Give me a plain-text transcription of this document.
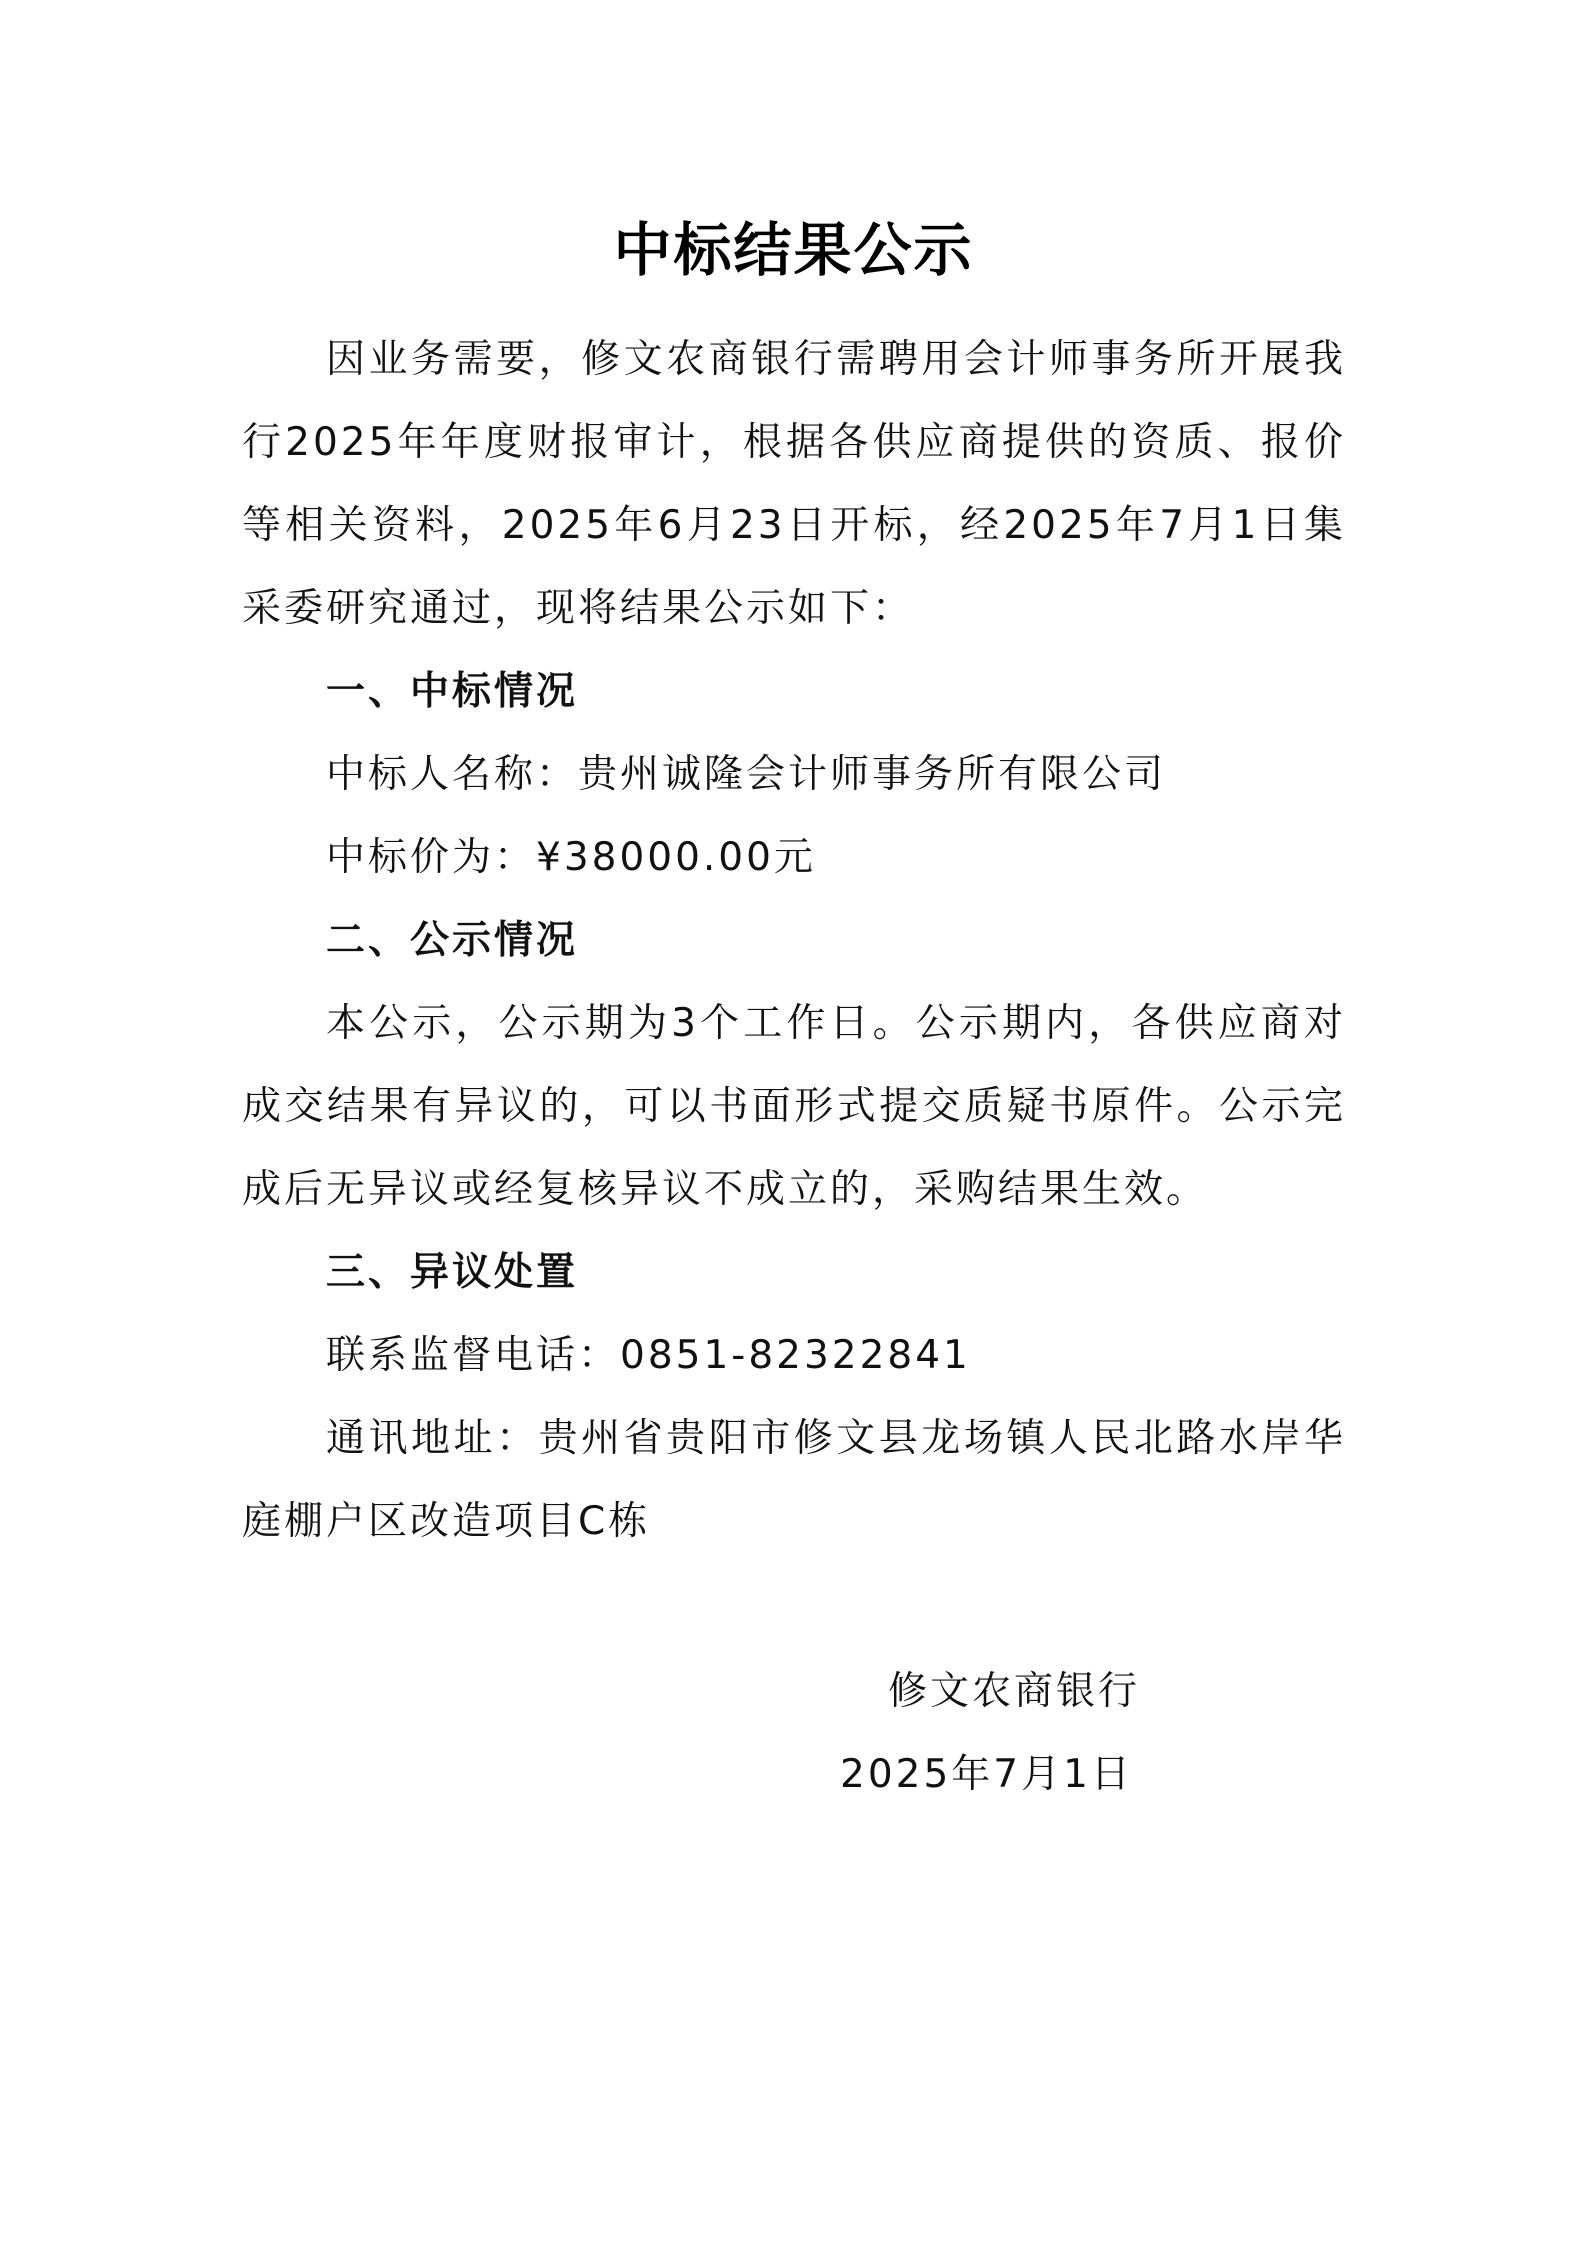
中标结果公示

因业务需要，修文农商银行需聘用会计师事务所开展我行2025年年度财报审计，根据各供应商提供的资质、报价等相关资料，2025年6月23日开标，经2025年7月1日集采委研究通过，现将结果公示如下：

一、中标情况

中标人名称：贵州诚隆会计师事务所有限公司

中标价为：¥38000.00元

二、公示情况

本公示，公示期为3个工作日。公示期内，各供应商对成交结果有异议的，可以书面形式提交质疑书原件。公示完成后无异议或经复核异议不成立的，采购结果生效。

三、异议处置

联系监督电话：0851-82322841

通讯地址：贵州省贵阳市修文县龙场镇人民北路水岸华庭棚户区改造项目C栋

修文农商银行
2025年7月1日
